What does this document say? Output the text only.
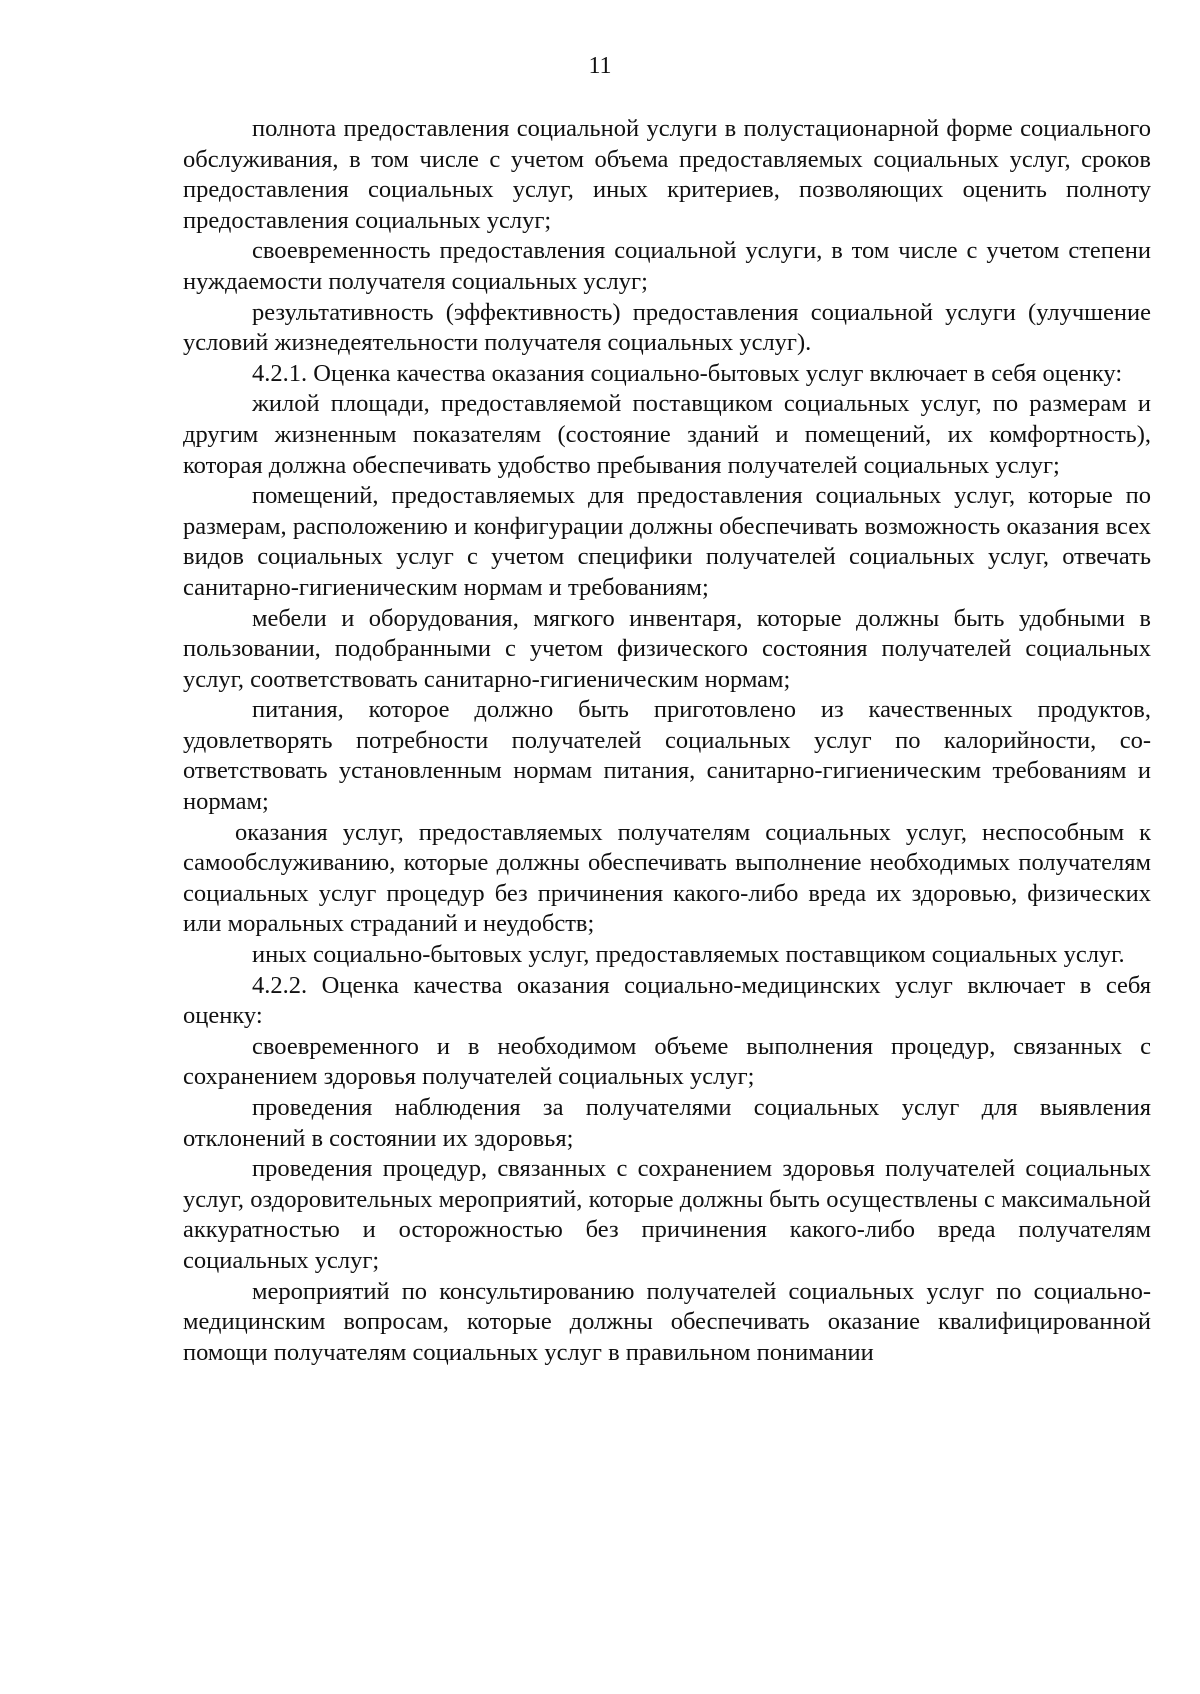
11

полнота предоставления социальной услуги в полустационарной форме социального обслуживания, в том числе с учетом объема предоставляемых социальных услуг, сроков предоставления социальных услуг, иных критериев, позволяющих оценить полноту предоставления социальных услуг;

своевременность предоставления социальной услуги, в том числе с учетом степени нуждаемости получателя социальных услуг;

результативность (эффективность) предоставления социальной услуги (улучшение условий жизнедеятельности получателя социальных услуг).

4.2.1. Оценка качества оказания социально-бытовых услуг включает в себя оценку:

жилой площади, предоставляемой поставщиком социальных услуг, по размерам и другим жизненным показателям (состояние зданий и помещений, их комфортность), которая должна обеспечивать удобство пребывания получателей социальных услуг;

помещений, предоставляемых для предоставления социальных услуг, которые по размерам, расположению и конфигурации должны обеспечивать возможность оказания всех видов социальных услуг с учетом специфики получателей социальных услуг, отвечать санитарно-гигиеническим нормам и требованиям;

мебели и оборудования, мягкого инвентаря, которые должны быть удобными в пользовании, подобранными с учетом физического состояния получателей социальных услуг, соответствовать санитарно-гигиеническим нормам;

питания, которое должно быть приготовлено из качественных продуктов, удовлетворять потребности получателей социальных услуг по калорийности, соответствовать установленным нормам питания, санитарно-гигиеническим требованиям и нормам;

оказания услуг, предоставляемых получателям социальных услуг, неспособным к самообслуживанию, которые должны обеспечивать выполнение необходимых получателям социальных услуг процедур без причинения какого-либо вреда их здоровью, физических или моральных страданий и неудобств;

иных социально-бытовых услуг, предоставляемых поставщиком социальных услуг.

4.2.2. Оценка качества оказания социально-медицинских услуг включает в себя оценку:

своевременного и в необходимом объеме выполнения процедур, связанных с сохранением здоровья получателей социальных услуг;

проведения наблюдения за получателями социальных услуг для выявления отклонений в состоянии их здоровья;

проведения процедур, связанных с сохранением здоровья получателей социальных услуг, оздоровительных мероприятий, которые должны быть осуществлены с максимальной аккуратностью и осторожностью без причинения какого-либо вреда получателям социальных услуг;

мероприятий по консультированию получателей социальных услуг по социально-медицинским вопросам, которые должны обеспечивать оказание квалифицированной помощи получателям социальных услуг в правильном понимании
